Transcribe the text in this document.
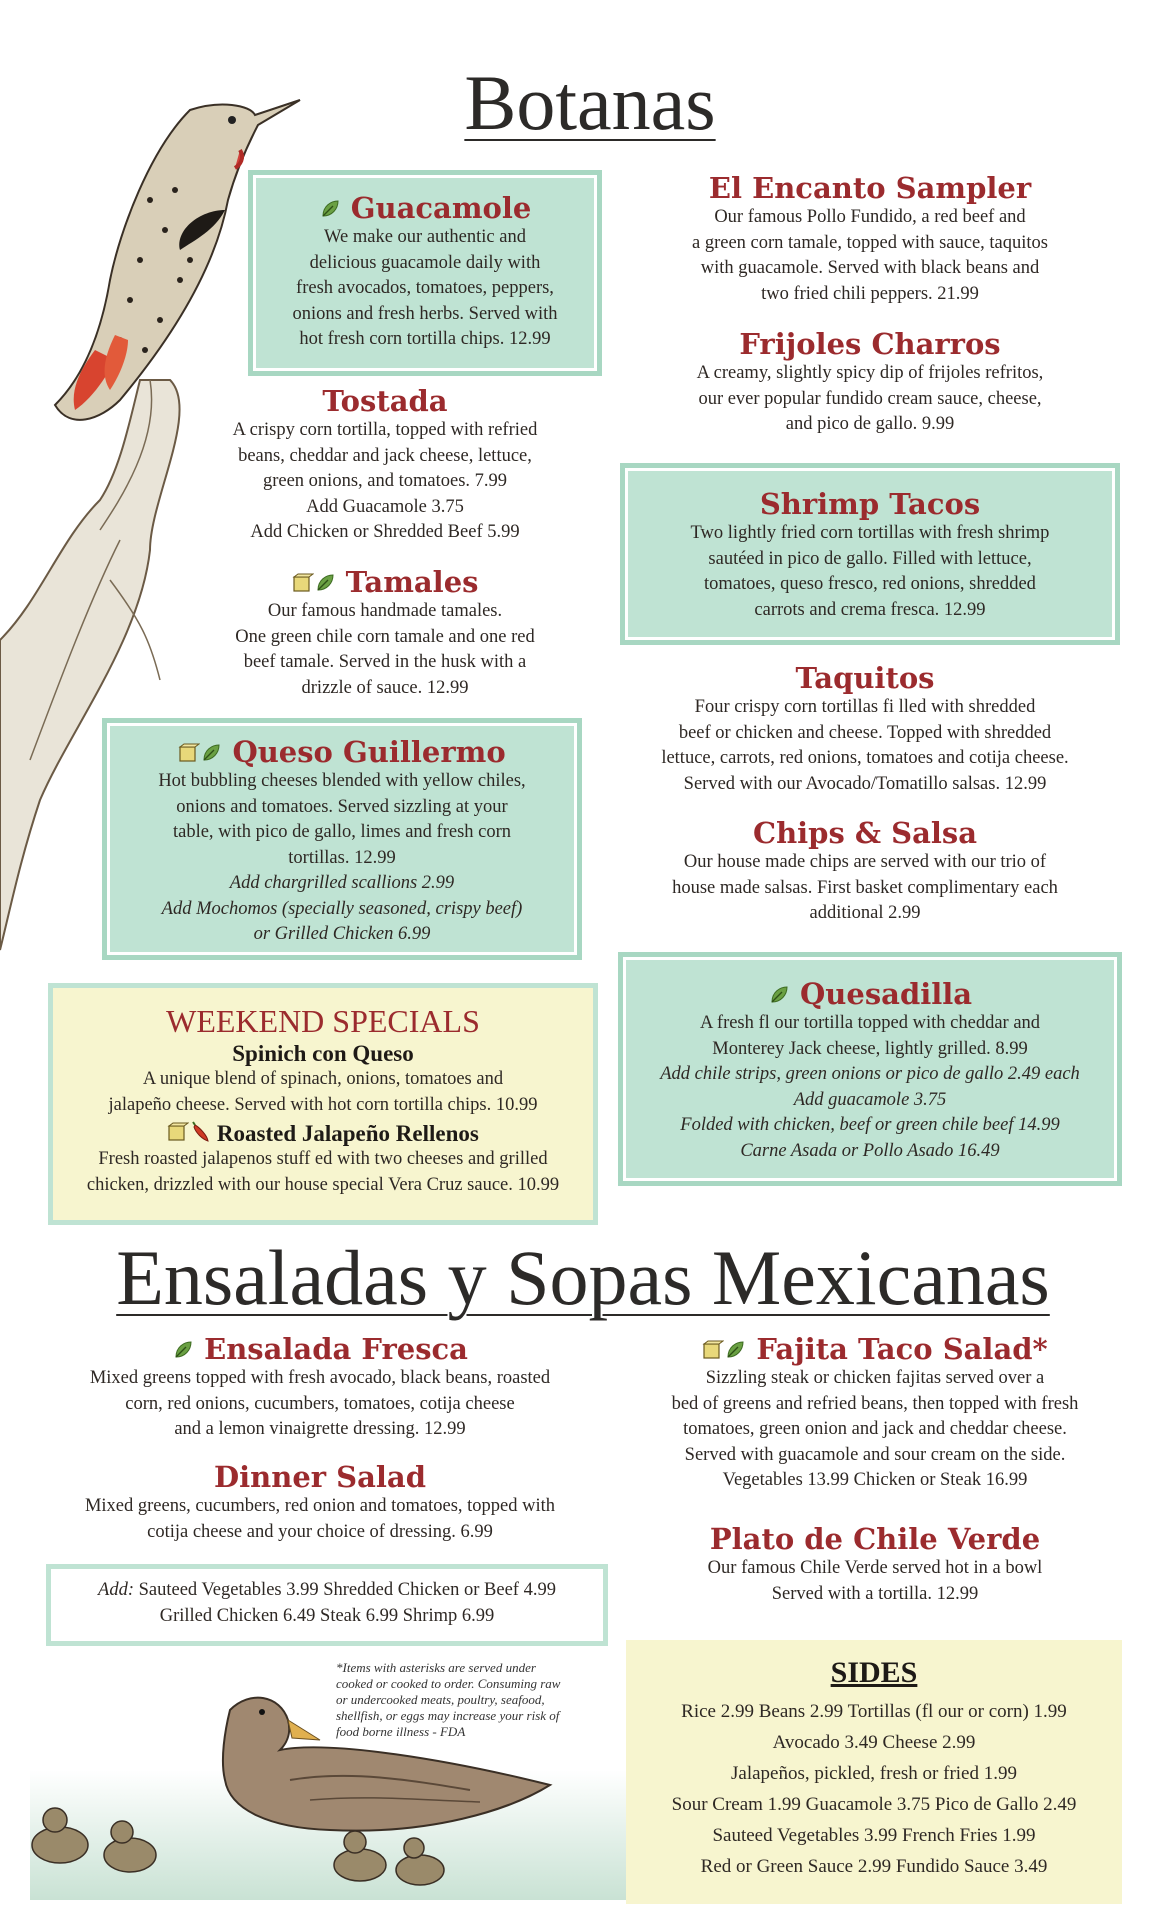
Botanas

Guacamole

We make our authentic and

delicious guacamole daily with

fresh avocados, tomatoes, peppers,

onions and fresh herbs. Served with

hot fresh corn tortilla chips. 12.99

Tostada

A crispy corn tortilla, topped with refried

beans, cheddar and jack cheese, lettuce,

green onions, and tomatoes. 7.99

Add Guacamole 3.75

Add Chicken or Shredded Beef 5.99

Tamales

Our famous handmade tamales.

One green chile corn tamale and one red

beef tamale. Served in the husk with a

drizzle of sauce. 12.99

Queso Guillermo

Hot bubbling cheeses blended with yellow chiles,

onions and tomatoes. Served sizzling at your

table, with pico de gallo, limes and fresh corn

tortillas. 12.99

Add chargrilled scallions 2.99

Add Mochomos (specially seasoned, crispy beef)

or Grilled Chicken 6.99

WEEKEND SPECIALS

Spinich con Queso

A unique blend of spinach, onions, tomatoes and

jalapeño cheese. Served with hot corn tortilla chips. 10.99

Roasted Jalapeño Rellenos

Fresh roasted jalapenos stuff ed with two cheeses and grilled

chicken, drizzled with our house special Vera Cruz sauce. 10.99

El Encanto Sampler

Our famous Pollo Fundido, a red beef and

a green corn tamale, topped with sauce, taquitos

with guacamole. Served with black beans and

two fried chili peppers. 21.99

Frijoles Charros

A creamy, slightly spicy dip of frijoles refritos,

our ever popular fundido cream sauce, cheese,

and pico de gallo. 9.99

Shrimp Tacos

Two lightly fried corn tortillas with fresh shrimp

sautéed in pico de gallo. Filled with lettuce,

tomatoes, queso fresco, red onions, shredded

carrots and crema fresca. 12.99

Taquitos

Four crispy corn tortillas fi lled with shredded

beef or chicken and cheese. Topped with shredded

lettuce, carrots, red onions, tomatoes and cotija cheese.

Served with our Avocado/Tomatillo salsas. 12.99

Chips & Salsa

Our house made chips are served with our trio of

house made salsas. First basket complimentary each

additional 2.99

Quesadilla

A fresh fl our tortilla topped with cheddar and

Monterey Jack cheese, lightly grilled. 8.99

Add chile strips, green onions or pico de gallo 2.49 each

Add guacamole 3.75

Folded with chicken, beef or green chile beef 14.99

Carne Asada or Pollo Asado 16.49

Ensaladas y Sopas Mexicanas

Ensalada Fresca

Mixed greens topped with fresh avocado, black beans, roasted

corn, red onions, cucumbers, tomatoes, cotija cheese

and a lemon vinaigrette dressing. 12.99

Dinner Salad

Mixed greens, cucumbers, red onion and tomatoes, topped with

cotija cheese and your choice of dressing. 6.99

Add: Sauteed Vegetables 3.99 Shredded Chicken or Beef 4.99

Grilled Chicken 6.49 Steak 6.99 Shrimp 6.99

Fajita Taco Salad*

Sizzling steak or chicken fajitas served over a

bed of greens and refried beans, then topped with fresh

tomatoes, green onion and jack and cheddar cheese.

Served with guacamole and sour cream on the side.

Vegetables 13.99 Chicken or Steak 16.99

Plato de Chile Verde

Our famous Chile Verde served hot in a bowl

Served with a tortilla. 12.99

*Items with asterisks are served under
cooked or cooked to order. Consuming raw
or undercooked meats, poultry, seafood,
shellfish, or eggs may increase your risk of
food borne illness - FDA

SIDES

Rice 2.99 Beans 2.99 Tortillas (fl our or corn) 1.99

Avocado 3.49 Cheese 2.99

Jalapeños, pickled, fresh or fried 1.99

Sour Cream 1.99 Guacamole 3.75 Pico de Gallo 2.49

Sauteed Vegetables 3.99 French Fries 1.99

Red or Green Sauce 2.99 Fundido Sauce 3.49
